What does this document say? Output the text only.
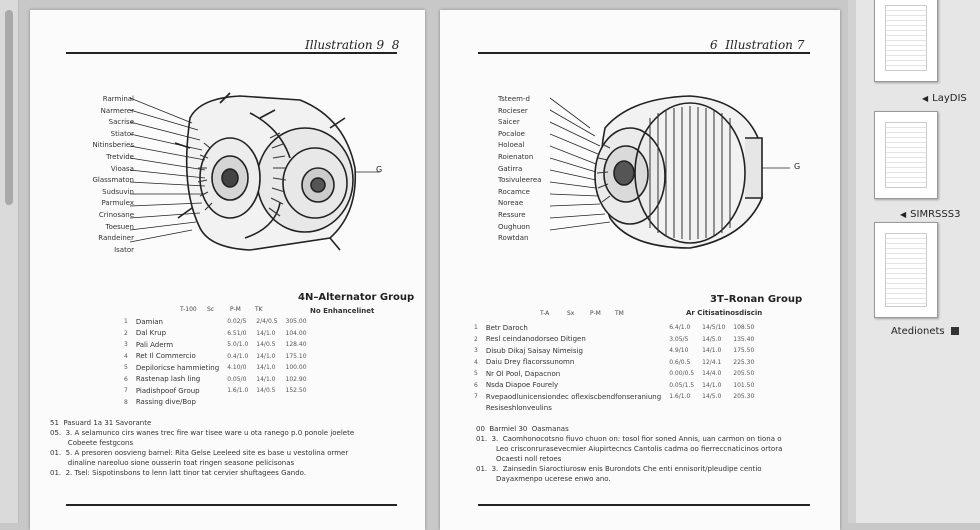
Illustration 9 8
Rarminal
Narmerer
Sacrise
Stiator
Nitinsberies
Tretvide
Vioasa
Glassmaton
Sudsuvin
Parmulex
Crinosane
Toesuen
Randeiner
Isator
G
4N–Alternator Group
No Enhancelinet
T-100 Sc	P-M TK
1	Damian	0.02/5	2/4/0.5	305.00
2	Dal Krup	6.51/0	14/1.0	104.00
3	Pali Aderm	5.0/1.0	14/0.5	128.40
4	Ret Il Commercio	0.4/1.0	14/1.0	175.10
5	Depiloricse hammieting	4.10/0	14/1.0	100.00
6	Rastenap lash ling	0.05/0	14/1.0	102.90
7	Piadishpoof Group	1.6/1.0	14/0.5	152.50
8	Rassing dive/Bop			
51  Pasuard 1a 31 Savorante
05.  3. A selamunco cirs wanes trec fire war tisee ware u ota ranego p.0 ponole joelete
Cobeete festgcons
01.  5. A presoren oosvieng barnel: Rita Gelse Leeleed site es base u vestolina ormer
dinaline nareoluo sione ousserin toat ringen seasone pelicisonas
01.  2. Tsel: Sispotinsbons to lenn latt tinor tat cervier shuftagees Gando.
6 Illustration 7
Tsteem-d
Rocieser
Saicer
Pocaloe
Holoeal
Roienaton
Gatirra
Tosivuleerea
Rocamce
Noreae
Ressure
Oughuon
Rowtdan
G
3T–Ronan Group
Ar Citisatinosdiscin
T-A	Sx	P-M TM
1	Betr Daroch	6.4/1.0	14/5/10	108.50
2	Resl ceindanodorseo Ditigen	3.05/5	14/5.0	135.40
3	Disub Dikaj Saisay Nimeisig	4.9/10	14/1.0	175.50
4	Daiu Drey flacorssunomn	0.6/0.5	12/4.1	225.30
5	Nr Ol Pool, Dapacnon	0.00/0.5	14/4.0	205.50
6	Nsda Diapoe Fourely	0.05/1.5	14/1.0	101.50
7	Rvepaodlunicensiondec oflexiscbendfonseraniung	1.6/1.0	14/5.0	205.30
	Resiseshlonveulins			
00  Barmiel 30  Oasmanas
01.  3.  Caomhonocotsno fiuvo chuon on: tosol fior soned Annis, uan carmon on tiona o
Leo crisconrurasevecmier Aiupirtecncs Cantolis cadma oo fierreccnaticinos ortora
Ocaesti noll retoes
01.  3.  Zainsedin Siaroctiurosw enis Burondots Che enti ennisorit/pleudipe centio
Dayaxmenpo ucerese enwo ano.
◀ LayDIS
◀ SIMRSSS3
Atedionets
